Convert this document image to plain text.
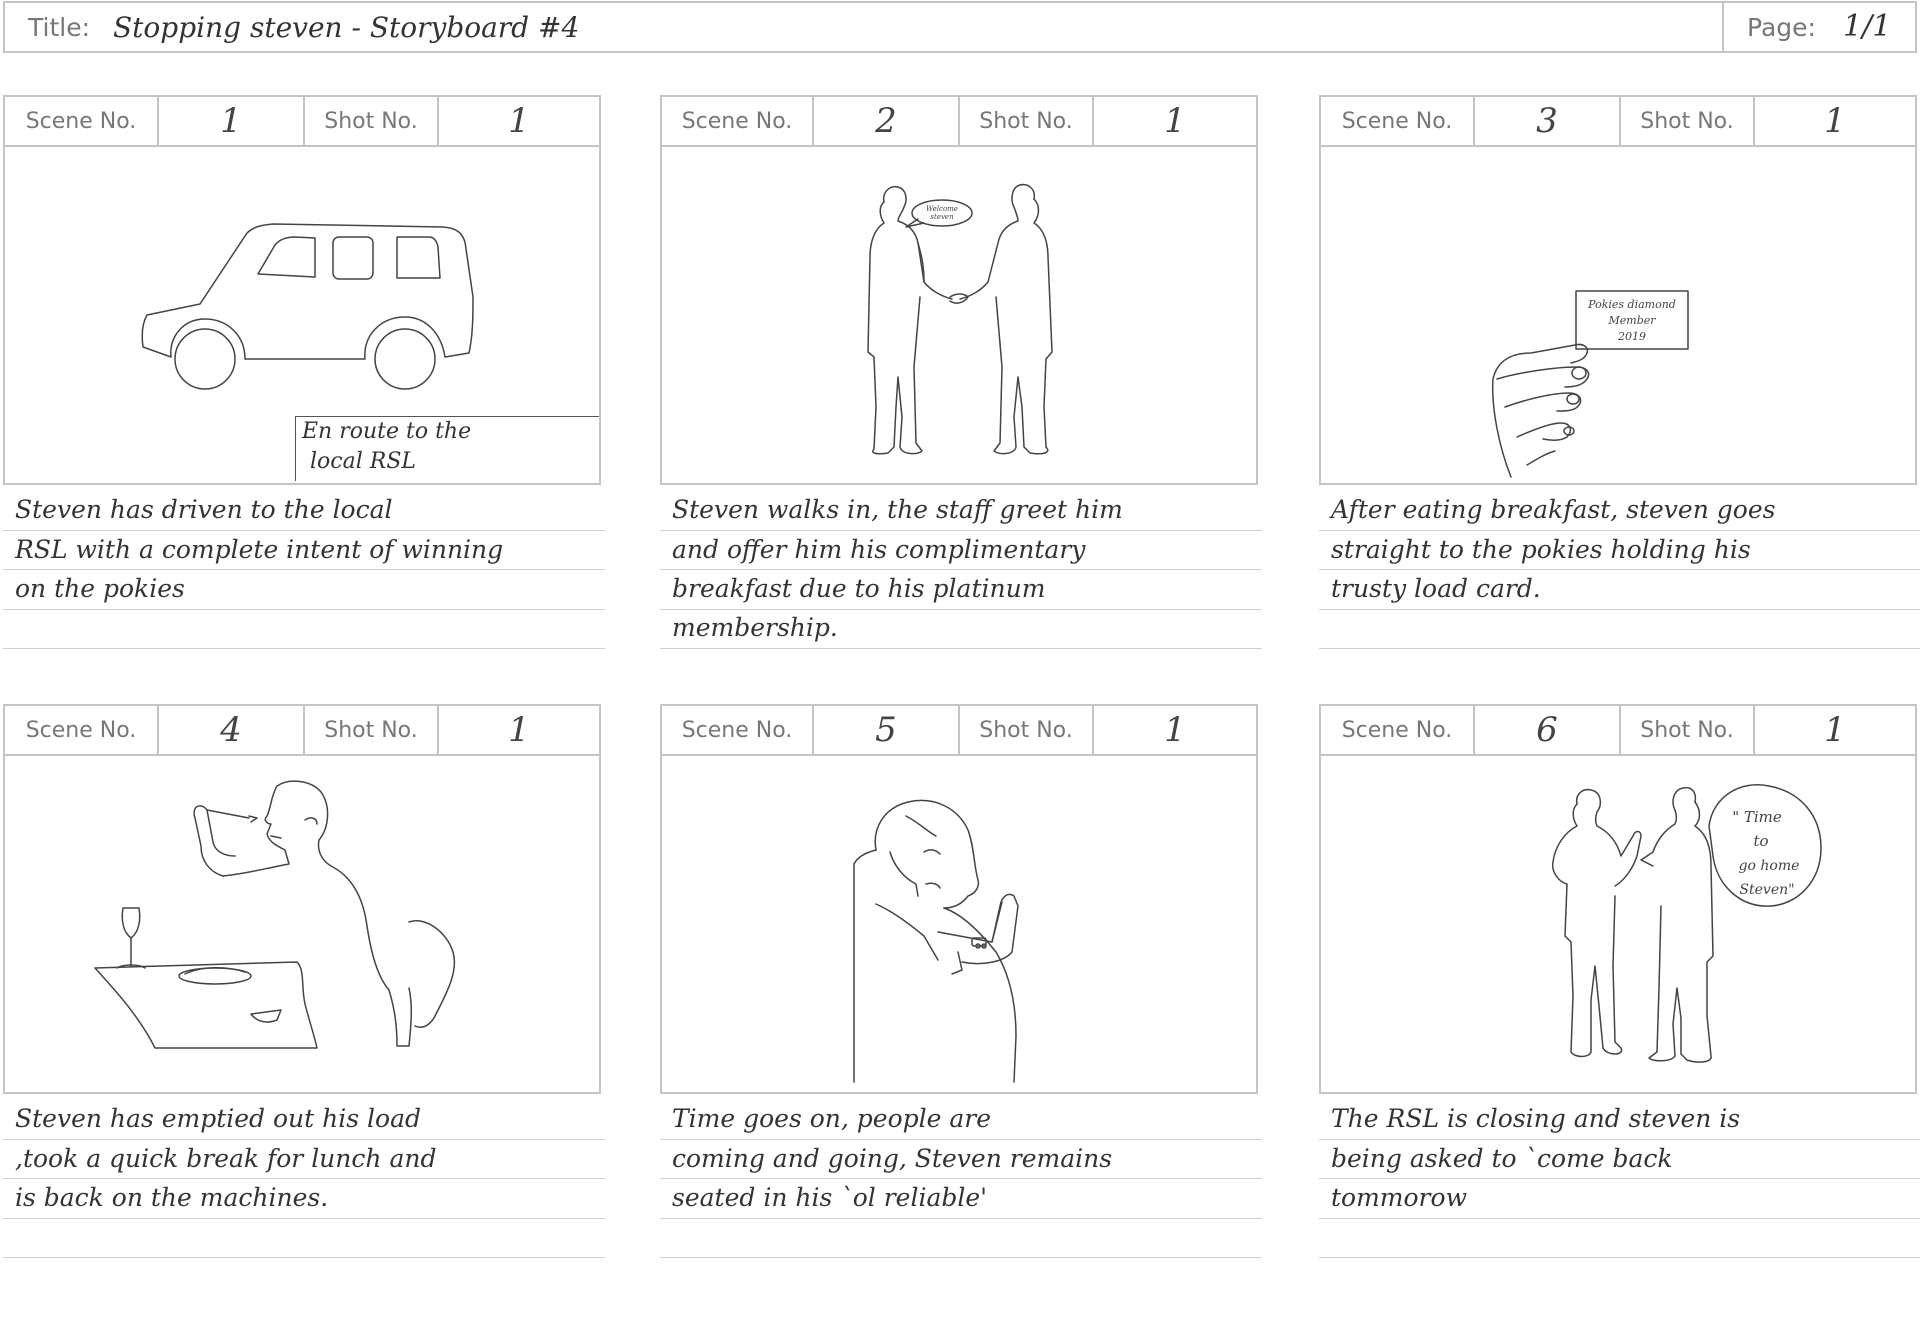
Title: Stopping steven - Storyboard #4	Page: 1/1
Scene No. 1	Shot No.	1
En route to the
local RSL
Steven has driven to the local
RSL with a complete intent of winning
on the pokies
Scene No. 2	Shot No.	1
Welcome
steven
Steven walks in, the staff greet him
and offer him his complimentary
breakfast due to his platinum
membership.
Scene No. 3	Shot No.	1
Pokies diamond
Member
2019
After eating breakfast, steven goes
straight to the pokies holding his
trusty load card.
Scene No. 4	Shot No.	1
Steven has emptied out his load
,took a quick break for lunch and
is back on the machines.
Scene No. 5	Shot No.	1
Time goes on, people are
coming and going, Steven remains
seated in his `ol reliable'
Scene No. 6	Shot No.	1
" Time
to
go home
Steven"
The RSL is closing and steven is
being asked to `come back
tommorow
